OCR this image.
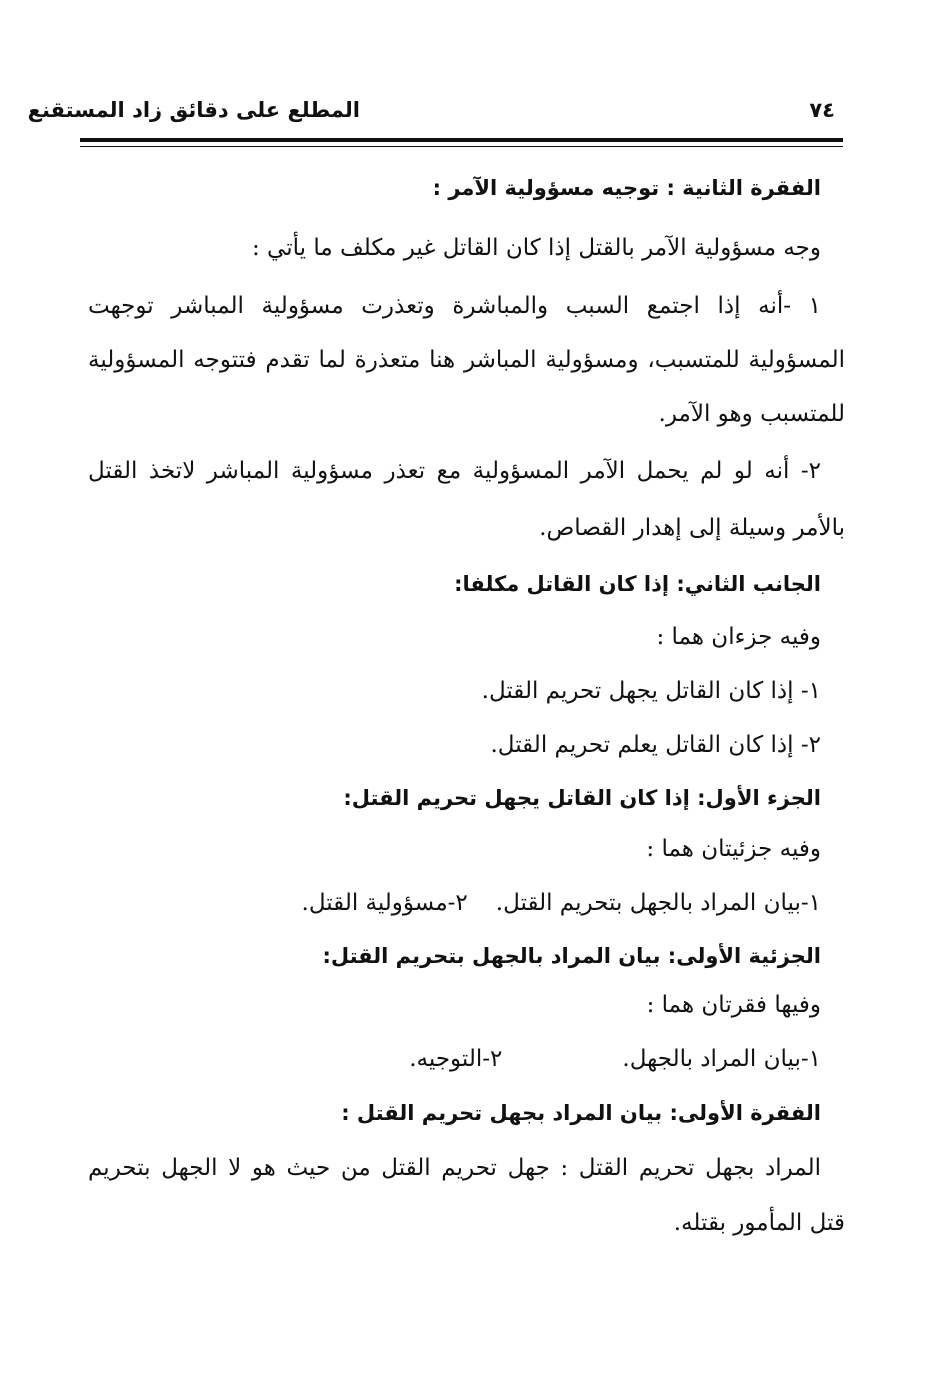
المطلع على دقائق زاد المستقنع	٧٤
الفقرة الثانية : توجيه مسؤولية الآمر :
وجه مسؤولية الآمر بالقتل إذا كان القاتل غير مكلف ما يأتي :
١ -أنه إذا اجتمع السبب والمباشرة وتعذرت مسؤولية المباشر توجهت
المسؤولية للمتسبب، ومسؤولية المباشر هنا متعذرة لما تقدم فتتوجه المسؤولية
للمتسبب وهو الآمر.
٢- أنه لو لم يحمل الآمر المسؤولية مع تعذر مسؤولية المباشر لاتخذ القتل
بالأمر وسيلة إلى إهدار القصاص.
الجانب الثاني: إذا كان القاتل مكلفا:
وفيه جزءان هما :
١- إذا كان القاتل يجهل تحريم القتل.
٢- إذا كان القاتل يعلم تحريم القتل.
الجزء الأول: إذا كان القاتل يجهل تحريم القتل:
وفيه جزئيتان هما :
١-بيان المراد بالجهل بتحريم القتل.٢-مسؤولية القتل.
الجزئية الأولى: بيان المراد بالجهل بتحريم القتل:
وفيها فقرتان هما :
١-بيان المراد بالجهل.٢-التوجيه.
الفقرة الأولى: بيان المراد بجهل تحريم القتل :
المراد بجهل تحريم القتل : جهل تحريم القتل من حيث هو لا الجهل بتحريم
قتل المأمور بقتله.
